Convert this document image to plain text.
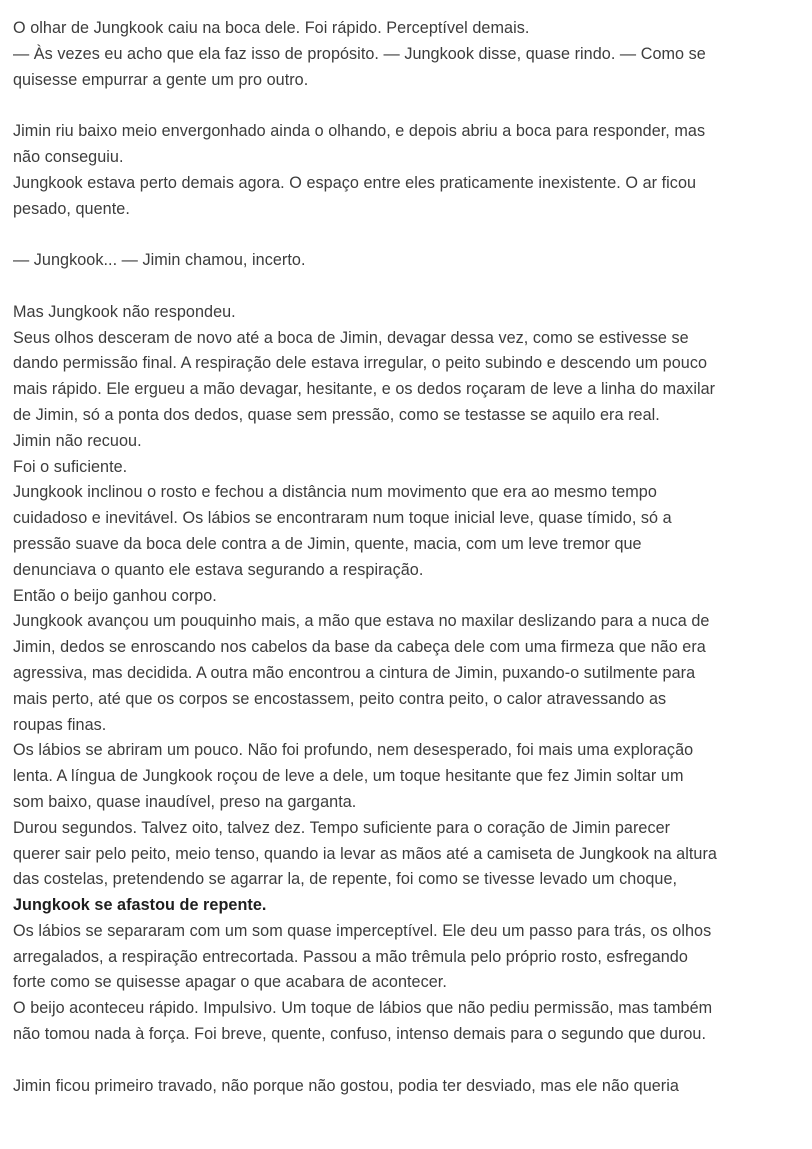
O olhar de Jungkook caiu na boca dele. Foi rápido. Perceptível demais.
— Às vezes eu acho que ela faz isso de propósito. — Jungkook disse, quase rindo. — Como se
quisesse empurrar a gente um pro outro.
Jimin riu baixo meio envergonhado ainda o olhando, e depois abriu a boca para responder, mas
não conseguiu.
Jungkook estava perto demais agora. O espaço entre eles praticamente inexistente. O ar ficou
pesado, quente.
— Jungkook... — Jimin chamou, incerto.
Mas Jungkook não respondeu.
Seus olhos desceram de novo até a boca de Jimin, devagar dessa vez, como se estivesse se
dando permissão final. A respiração dele estava irregular, o peito subindo e descendo um pouco
mais rápido. Ele ergueu a mão devagar, hesitante, e os dedos roçaram de leve a linha do maxilar
de Jimin, só a ponta dos dedos, quase sem pressão, como se testasse se aquilo era real.
Jimin não recuou.
Foi o suficiente.
Jungkook inclinou o rosto e fechou a distância num movimento que era ao mesmo tempo
cuidadoso e inevitável. Os lábios se encontraram num toque inicial leve, quase tímido, só a
pressão suave da boca dele contra a de Jimin, quente, macia, com um leve tremor que
denunciava o quanto ele estava segurando a respiração.
Então o beijo ganhou corpo.
Jungkook avançou um pouquinho mais, a mão que estava no maxilar deslizando para a nuca de
Jimin, dedos se enroscando nos cabelos da base da cabeça dele com uma firmeza que não era
agressiva, mas decidida. A outra mão encontrou a cintura de Jimin, puxando-o sutilmente para
mais perto, até que os corpos se encostassem, peito contra peito, o calor atravessando as
roupas finas.
Os lábios se abriram um pouco. Não foi profundo, nem desesperado, foi mais uma exploração
lenta. A língua de Jungkook roçou de leve a dele, um toque hesitante que fez Jimin soltar um
som baixo, quase inaudível, preso na garganta.
Durou segundos. Talvez oito, talvez dez. Tempo suficiente para o coração de Jimin parecer
querer sair pelo peito, meio tenso, quando ia levar as mãos até a camiseta de Jungkook na altura
das costelas, pretendendo se agarrar la, de repente, foi como se tivesse levado um choque,
Jungkook se afastou de repente.
Os lábios se separaram com um som quase imperceptível. Ele deu um passo para trás, os olhos
arregalados, a respiração entrecortada. Passou a mão trêmula pelo próprio rosto, esfregando
forte como se quisesse apagar o que acabara de acontecer.
O beijo aconteceu rápido. Impulsivo. Um toque de lábios que não pediu permissão, mas também
não tomou nada à força. Foi breve, quente, confuso, intenso demais para o segundo que durou.
Jimin ficou primeiro travado, não porque não gostou, podia ter desviado, mas ele não queria
